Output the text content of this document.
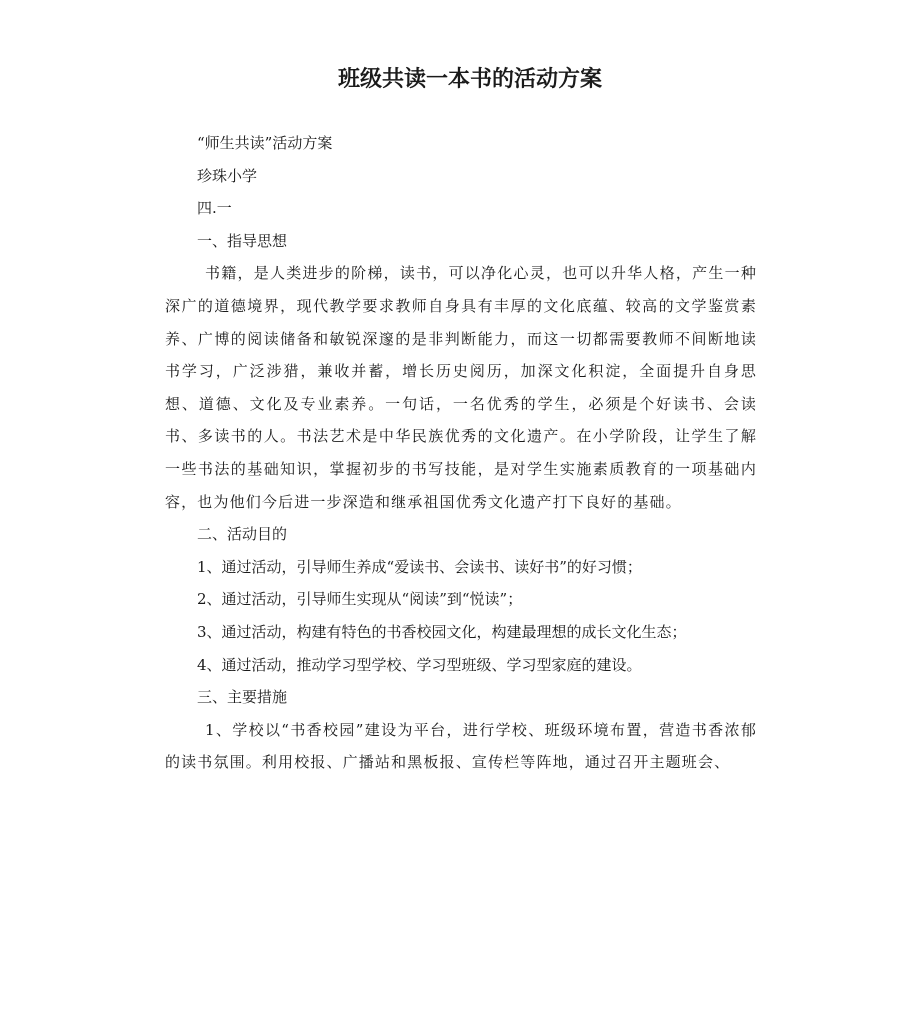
班级共读一本书的活动方案

“师生共读”活动方案

珍珠小学

四.一

一、指导思想

书籍，是人类进步的阶梯，读书，可以净化心灵，也可以升华人格，产生一种深广的道德境界，现代教学要求教师自身具有丰厚的文化底蕴、较高的文学鉴赏素养、广博的阅读储备和敏锐深邃的是非判断能力，而这一切都需要教师不间断地读书学习，广泛涉猎，兼收并蓄，增长历史阅历，加深文化积淀，全面提升自身思想、道德、文化及专业素养。一句话，一名优秀的学生，必须是个好读书、会读书、多读书的人。书法艺术是中华民族优秀的文化遗产。在小学阶段，让学生了解一些书法的基础知识，掌握初步的书写技能，是对学生实施素质教育的一项基础内容，也为他们今后进一步深造和继承祖国优秀文化遗产打下良好的基础。

二、活动目的

1、通过活动，引导师生养成“爱读书、会读书、读好书”的好习惯；

2、通过活动，引导师生实现从“阅读”到“悦读”；

3、通过活动，构建有特色的书香校园文化，构建最理想的成长文化生态；

4、通过活动，推动学习型学校、学习型班级、学习型家庭的建设。

三、主要措施

1、学校以“书香校园”建设为平台，进行学校、班级环境布置，营造书香浓郁的读书氛围。利用校报、广播站和黑板报、宣传栏等阵地，通过召开主题班会、
